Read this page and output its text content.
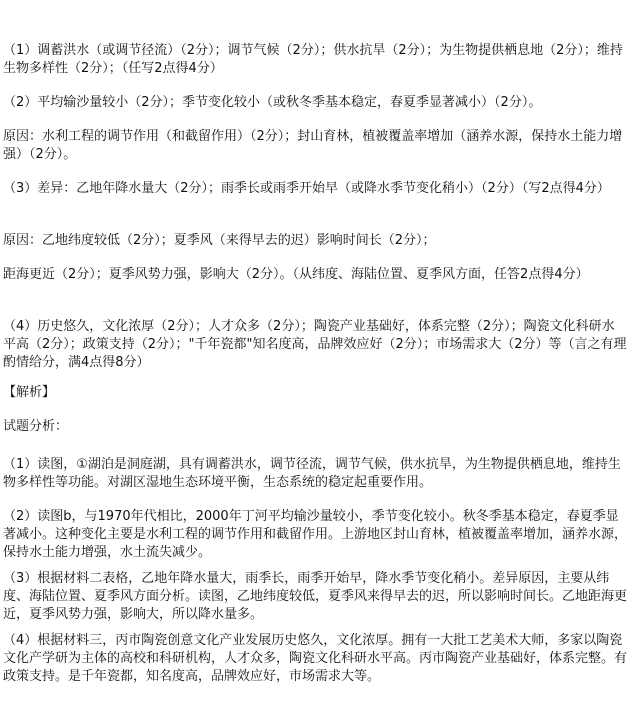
（1）调蓄洪水（或调节径流）（2分）；调节气候（2分）；供水抗旱（2分）；为生物提供栖息地（2分）；维持生物多样性（2分）；（任写2点得4分）

（2）平均输沙量较小（2分）；季节变化较小（或秋冬季基本稳定，春夏季显著减小）（2分）。

原因：水利工程的调节作用（和截留作用）（2分）；封山育林，植被覆盖率增加（涵养水源，保持水土能力增强）（2分）。

（3）差异：乙地年降水量大（2分）；雨季长或雨季开始早（或降水季节变化稍小）（2分）（写2点得4分）

原因：乙地纬度较低（2分）；夏季风（来得早去的迟）影响时间长（2分）；

距海更近（2分）；夏季风势力强，影响大（2分）。（从纬度、海陆位置、夏季风方面，任答2点得4分）

（4）历史悠久，文化浓厚（2分）；人才众多（2分）；陶瓷产业基础好，体系完整（2分）；陶瓷文化科研水平高（2分）；政策支持（2分）；"千年瓷都"知名度高，品牌效应好（2分）；市场需求大（2分）等（言之有理酌情给分，满4点得8分）

【解析】

试题分析：

（1）读图，①湖泊是洞庭湖，具有调蓄洪水，调节径流，调节气候，供水抗旱，为生物提供栖息地，维持生物多样性等功能。对湖区湿地生态环境平衡，生态系统的稳定起重要作用。

（2）读图b，与1970年代相比，2000年丁河平均输沙量较小，季节变化较小。秋冬季基本稳定，春夏季显著减小。这种变化主要是水利工程的调节作用和截留作用。上游地区封山育林，植被覆盖率增加，涵养水源，保持水土能力增强，水土流失减少。

（3）根据材料二表格，乙地年降水量大，雨季长，雨季开始早，降水季节变化稍小。差异原因，主要从纬度、海陆位置、夏季风方面分析。读图，乙地纬度较低，夏季风来得早去的迟，所以影响时间长。乙地距海更近，夏季风势力强，影响大，所以降水量多。

（4）根据材料三，丙市陶瓷创意文化产业发展历史悠久，文化浓厚。拥有一大批工艺美术大师，多家以陶瓷文化产学研为主体的高校和科研机构，人才众多，陶瓷文化科研水平高。丙市陶瓷产业基础好，体系完整。有政策支持。是千年瓷都，知名度高，品牌效应好，市场需求大等。
